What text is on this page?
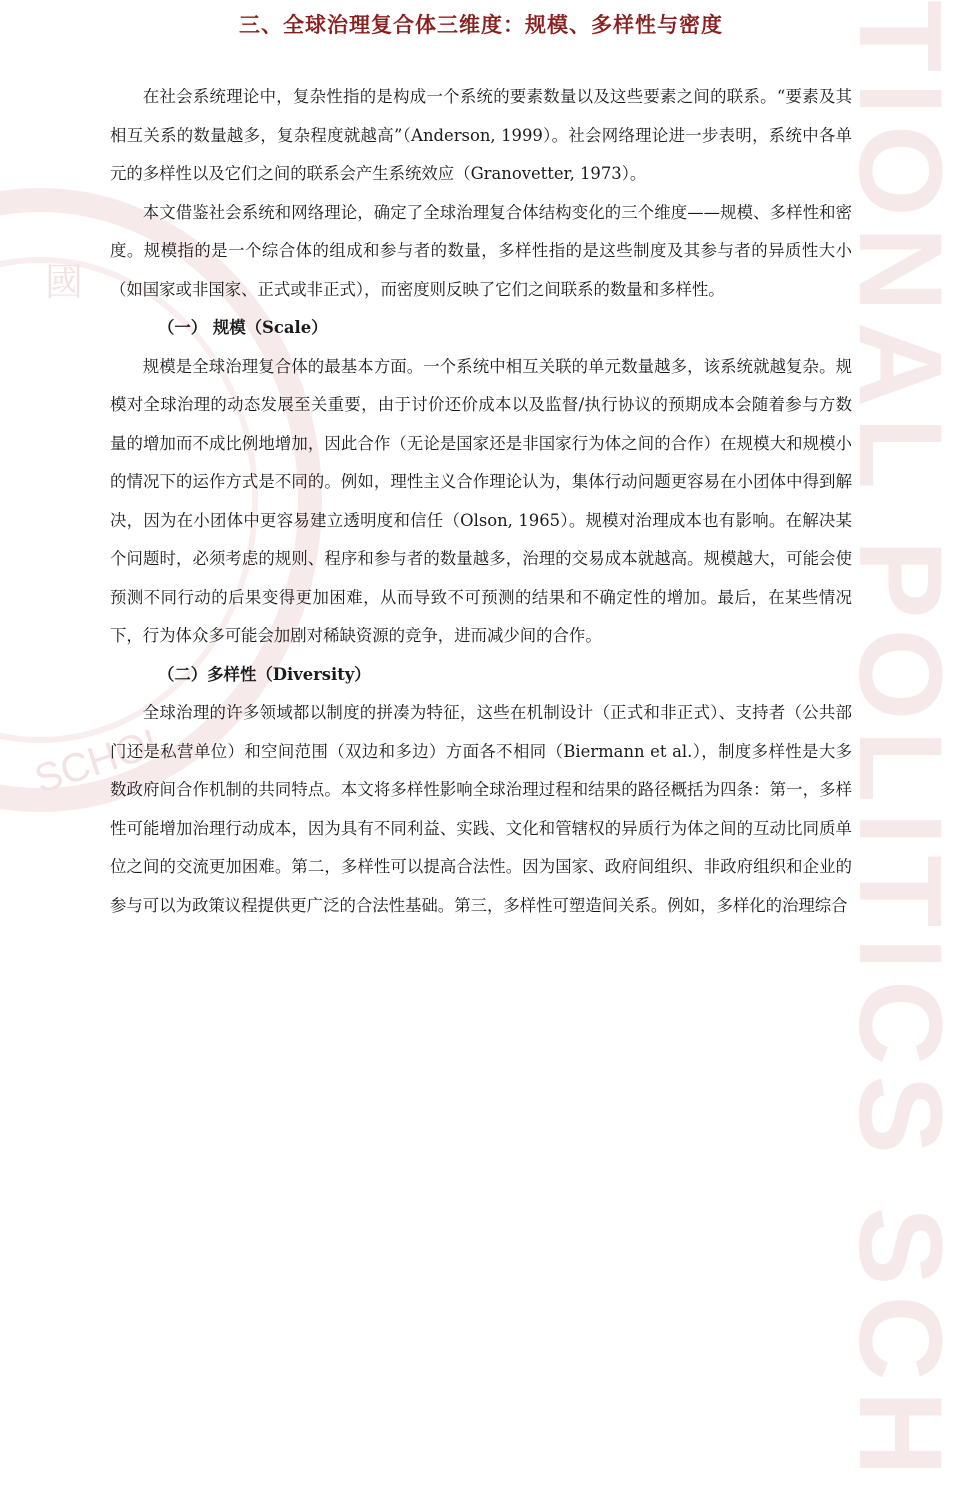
TIONAL POLITICS SCH
國
SCHOL
三、全球治理复合体三维度：规模、多样性与密度

在社会系统理论中，复杂性指的是构成一个系统的要素数量以及这些要素之间的联系。“要素及其相互关系的数量越多，复杂程度就越高”（Anderson, 1999）。社会网络理论进一步表明，系统中各单元的多样性以及它们之间的联系会产生系统效应（Granovetter, 1973）。

本文借鉴社会系统和网络理论，确定了全球治理复合体结构变化的三个维度——规模、多样性和密度。规模指的是一个综合体的组成和参与者的数量，多样性指的是这些制度及其参与者的异质性大小（如国家或非国家、正式或非正式），而密度则反映了它们之间联系的数量和多样性。

（一） 规模（Scale）

规模是全球治理复合体的最基本方面。一个系统中相互关联的单元数量越多，该系统就越复杂。规模对全球治理的动态发展至关重要，由于讨价还价成本以及监督/执行协议的预期成本会随着参与方数量的增加而不成比例地增加，因此合作（无论是国家还是非国家行为体之间的合作）在规模大和规模小的情况下的运作方式是不同的。例如，理性主义合作理论认为，集体行动问题更容易在小团体中得到解决，因为在小团体中更容易建立透明度和信任（Olson, 1965）。规模对治理成本也有影响。在解决某个问题时，必须考虑的规则、程序和参与者的数量越多，治理的交易成本就越高。规模越大，可能会使预测不同行动的后果变得更加困难，从而导致不可预测的结果和不确定性的增加。最后，在某些情况下，行为体众多可能会加剧对稀缺资源的竞争，进而减少间的合作。

（二）多样性（Diversity）

全球治理的许多领域都以制度的拼凑为特征，这些在机制设计（正式和非正式）、支持者（公共部门还是私营单位）和空间范围（双边和多边）方面各不相同（Biermann et al.），制度多样性是大多数政府间合作机制的共同特点。本文将多样性影响全球治理过程和结果的路径概括为四条：第一，多样性可能增加治理行动成本，因为具有不同利益、实践、文化和管辖权的异质行为体之间的互动比同质单位之间的交流更加困难。第二，多样性可以提高合法性。因为国家、政府间组织、非政府组织和企业的参与可以为政策议程提供更广泛的合法性基础。第三，多样性可塑造间关系。例如，多样化的治理综合
